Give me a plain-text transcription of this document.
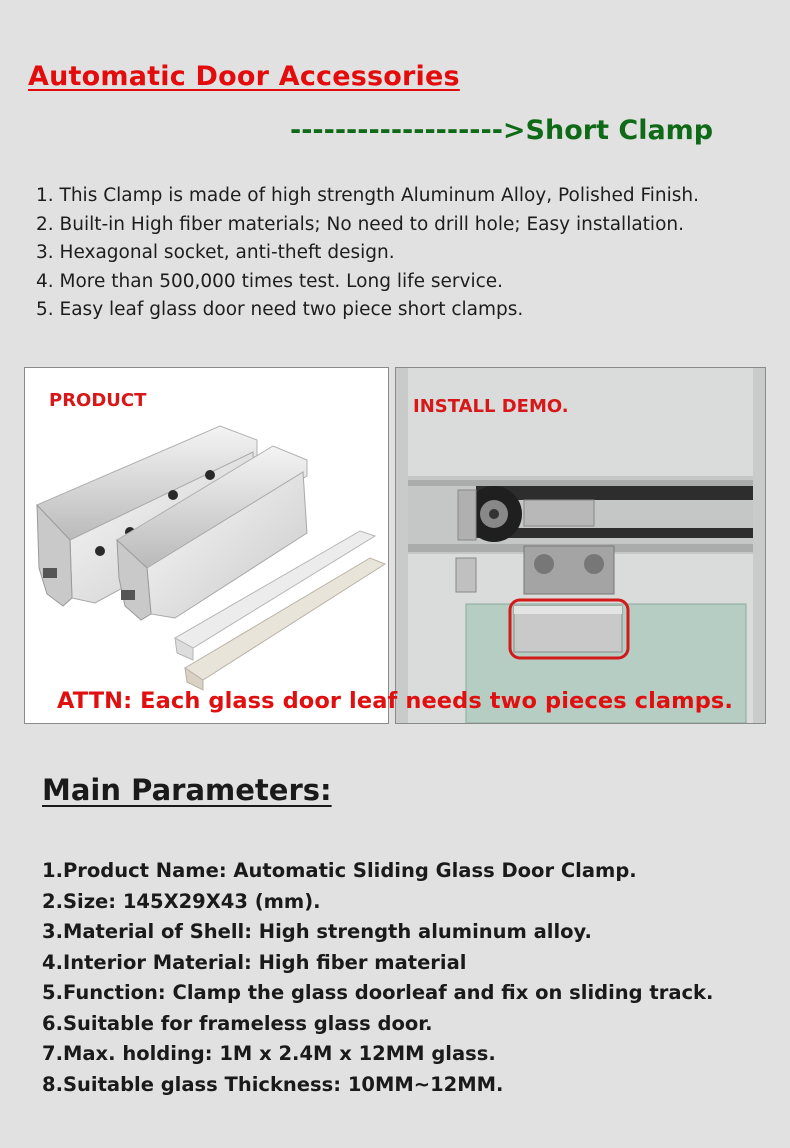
Automatic Door Accessories
------------------->Short Clamp
1. This Clamp is made of high strength Aluminum Alloy, Polished Finish.
2. Built-in High fiber materials; No need to drill hole; Easy installation.
3. Hexagonal socket, anti-theft design.
4. More than 500,000 times test. Long life service.
5. Easy leaf glass door need two piece short clamps.
PRODUCT	INSTALL DEMO.
ATTN: Each glass door leaf needs two pieces clamps.
Main Parameters:
1.Product Name: Automatic Sliding Glass Door Clamp.
2.Size: 145X29X43 (mm).
3.Material of Shell: High strength aluminum alloy.
4.Interior Material: High fiber material
5.Function: Clamp the glass doorleaf and fix on sliding track.
6.Suitable for frameless glass door.
7.Max. holding: 1M x 2.4M x 12MM glass.
8.Suitable glass Thickness: 10MM~12MM.
